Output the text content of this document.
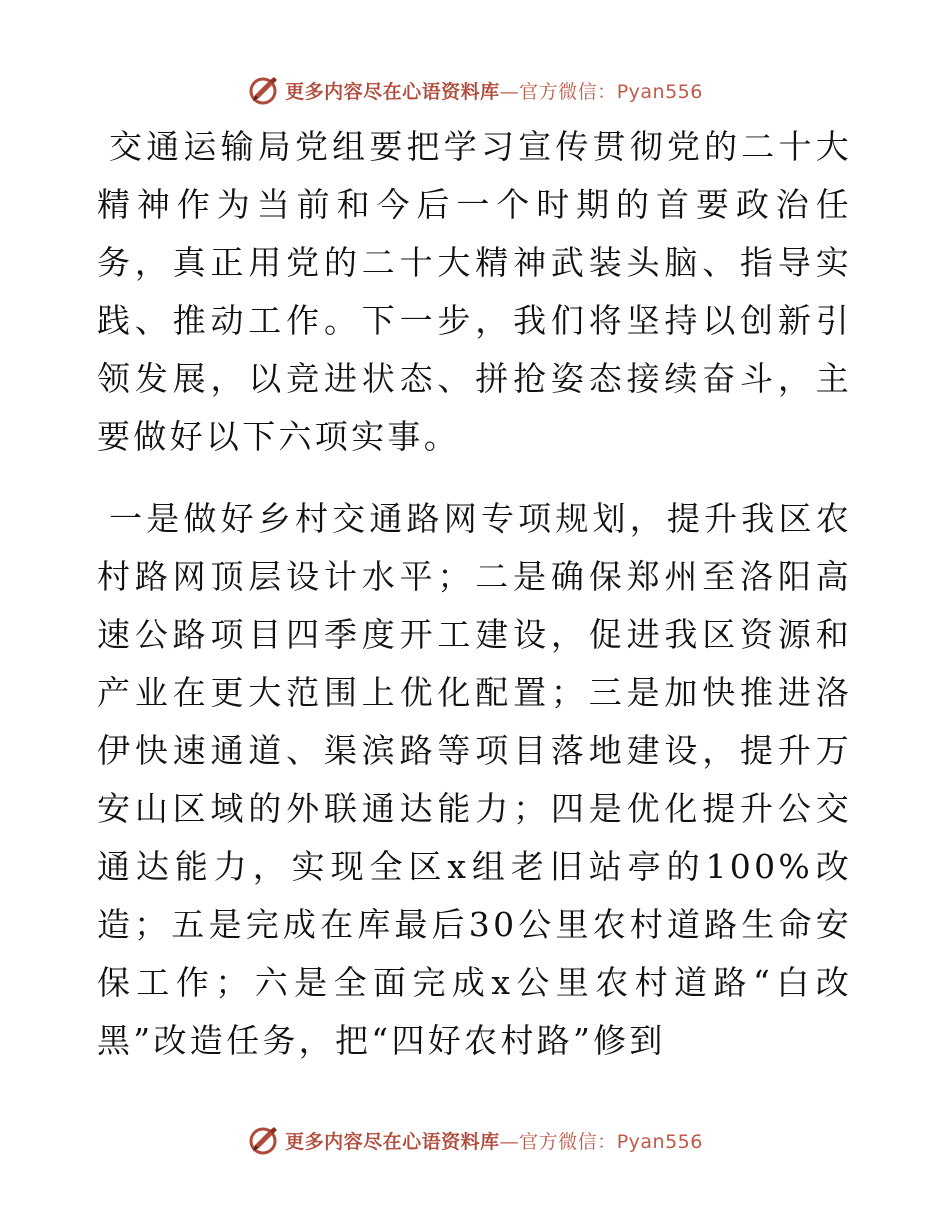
更多内容尽在心语资料库—官方微信：Pyan556

交通运输局党组要把学习宣传贯彻党的二十大精神作为当前和今后一个时期的首要政治任务，真正用党的二十大精神武装头脑、指导实践、推动工作。下一步，我们将坚持以创新引领发展，以竞进状态、拼抢姿态接续奋斗，主要做好以下六项实事。

一是做好乡村交通路网专项规划，提升我区农村路网顶层设计水平；二是确保郑州至洛阳高速公路项目四季度开工建设，促进我区资源和产业在更大范围上优化配置；三是加快推进洛伊快速通道、渠滨路等项目落地建设，提升万安山区域的外联通达能力；四是优化提升公交通达能力，实现全区x组老旧站亭的100%改造；五是完成在库最后30公里农村道路生命安保工作；六是全面完成x公里农村道路“白改黑”改造任务，把“四好农村路”修到

更多内容尽在心语资料库—官方微信：Pyan556
